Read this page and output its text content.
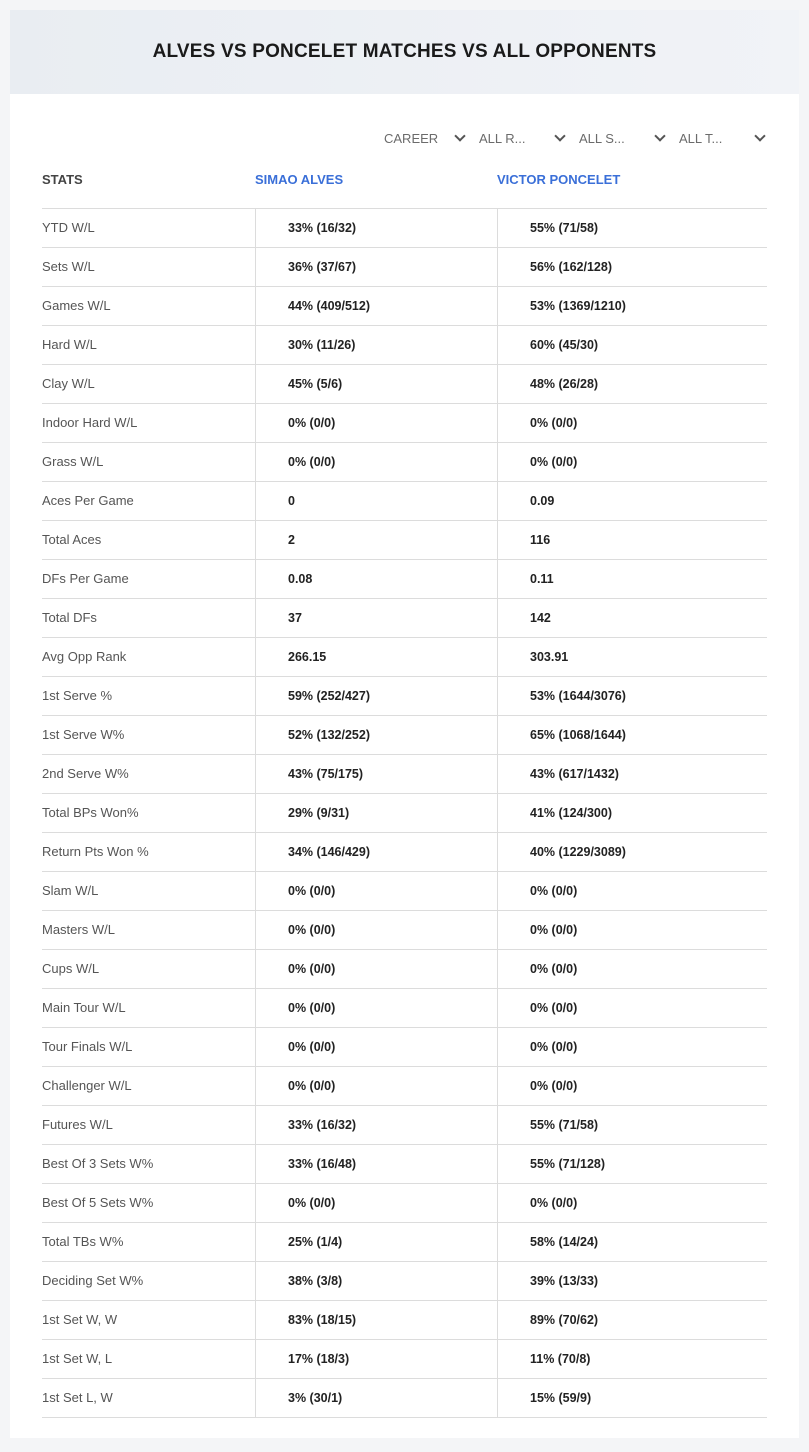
ALVES VS PONCELET MATCHES VS ALL OPPONENTS
CAREER	ALL R...	ALL S...	ALL T...
STATS	SIMAO ALVES	VICTOR PONCELET
YTD W/L	33% (16/32)	55% (71/58)
Sets W/L	36% (37/67)	56% (162/128)
Games W/L	44% (409/512)	53% (1369/1210)
Hard W/L	30% (11/26)	60% (45/30)
Clay W/L	45% (5/6)	48% (26/28)
Indoor Hard W/L	0% (0/0)	0% (0/0)
Grass W/L	0% (0/0)	0% (0/0)
Aces Per Game	0	0.09
Total Aces	2	116
DFs Per Game	0.08	0.11
Total DFs	37	142
Avg Opp Rank	266.15	303.91
1st Serve %	59% (252/427)	53% (1644/3076)
1st Serve W%	52% (132/252)	65% (1068/1644)
2nd Serve W%	43% (75/175)	43% (617/1432)
Total BPs Won%	29% (9/31)	41% (124/300)
Return Pts Won %	34% (146/429)	40% (1229/3089)
Slam W/L	0% (0/0)	0% (0/0)
Masters W/L	0% (0/0)	0% (0/0)
Cups W/L	0% (0/0)	0% (0/0)
Main Tour W/L	0% (0/0)	0% (0/0)
Tour Finals W/L	0% (0/0)	0% (0/0)
Challenger W/L	0% (0/0)	0% (0/0)
Futures W/L	33% (16/32)	55% (71/58)
Best Of 3 Sets W%	33% (16/48)	55% (71/128)
Best Of 5 Sets W%	0% (0/0)	0% (0/0)
Total TBs W%	25% (1/4)	58% (14/24)
Deciding Set W%	38% (3/8)	39% (13/33)
1st Set W, W	83% (18/15)	89% (70/62)
1st Set W, L	17% (18/3)	11% (70/8)
1st Set L, W	3% (30/1)	15% (59/9)
